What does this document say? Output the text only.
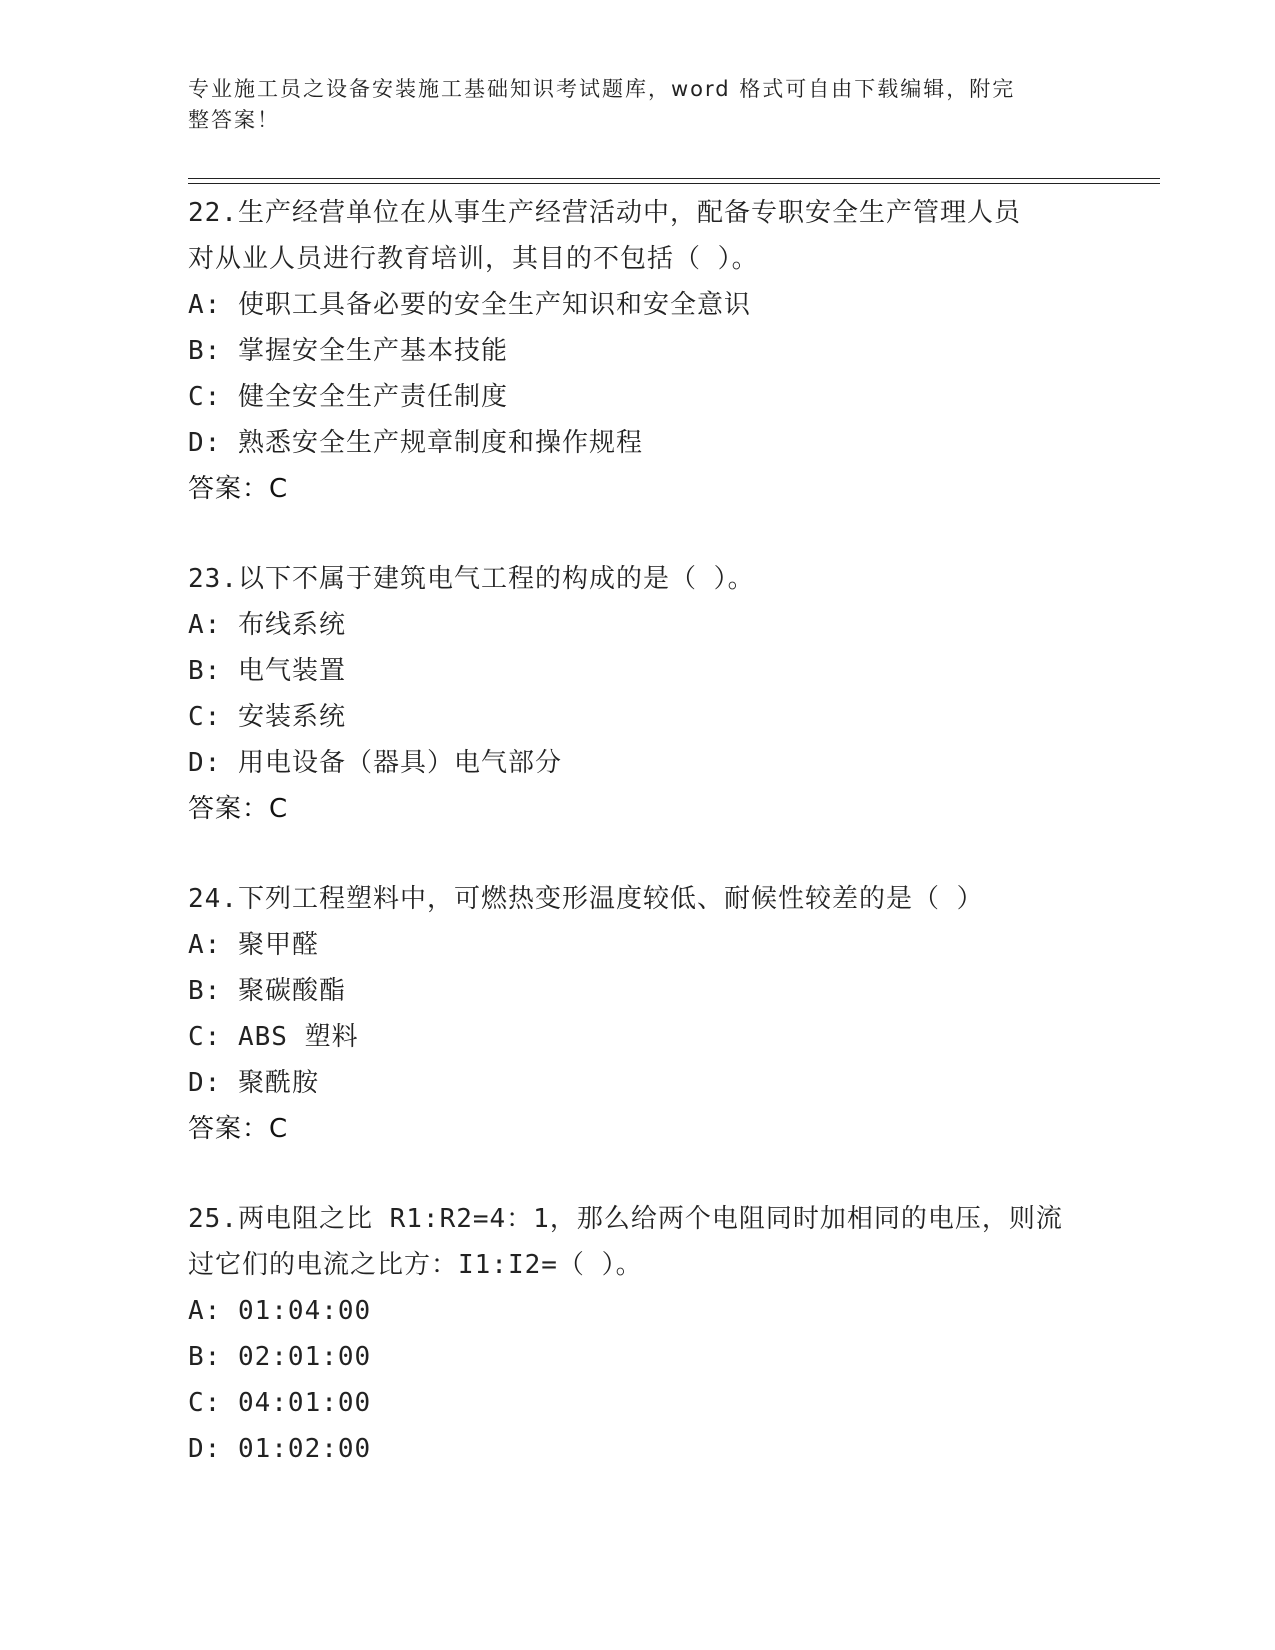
专业施工员之设备安装施工基础知识考试题库，word 格式可自由下载编辑，附完
整答案！
22.生产经营单位在从事生产经营活动中，配备专职安全生产管理人员
对从业人员进行教育培训，其目的不包括（ ）。
A: 使职工具备必要的安全生产知识和安全意识
B: 掌握安全生产基本技能
C: 健全安全生产责任制度
D: 熟悉安全生产规章制度和操作规程
答案：C
23.以下不属于建筑电气工程的构成的是（ ）。
A: 布线系统
B: 电气装置
C: 安装系统
D: 用电设备（器具）电气部分
答案：C
24.下列工程塑料中，可燃热变形温度较低、耐候性较差的是（ ）
A: 聚甲醛
B: 聚碳酸酯
C: ABS 塑料
D: 聚酰胺
答案：C
25.两电阻之比 R1:R2=4：1，那么给两个电阻同时加相同的电压，则流
过它们的电流之比方：I1:I2=（ ）。
A: 01:04:00
B: 02:01:00
C: 04:01:00
D: 01:02:00
